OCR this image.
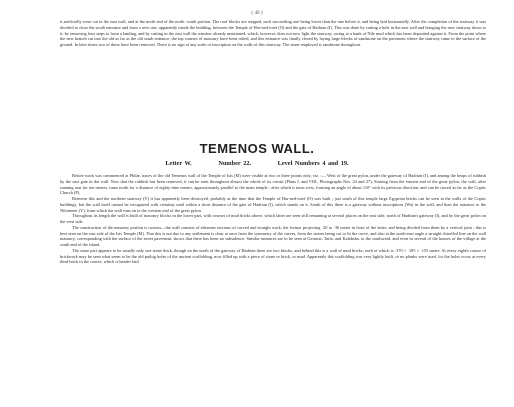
( 40 )

it artificially were cut in the east wall, and at the north end of the north -south portion. The roof blocks are stepped, each succeeding one being lower than the one before it, and being laid horizontally. After the completion of the stairway it was decided to close the south entrance and form a new one, apparently inside the building, between the Temple of Har-ned-iotef (O) and the gate of Hadrian (I). This was done by cutting a hole in the east wall and bringing the new stairway down to it, by removing four steps to form a landing, and by cutting in the east wall the window already mentioned, which, however, does not now light the stairway, owing to a bank of Nile mud which has been deposited against it. From the point where the new branch cut into the old as far as the old south entrance, the top courses of masonry have been robed, and this entrance was finally closed by laying large blocks of sandstone on the pavement where the stairway came to the surface of the ground. In later times two of these have been removed. There is no sign of any scale or inscription on the walls of this stairway. The stone employed is sandstone throughout.

TEMENOS WALL.
Letter W.	Number 22.	Level Numbers 4 and 19.

Before work was commenced at Philæ, traces of the old Temenos wall of the Temple of Isis (M) were visible at two or three points only, viz. :— West of the great pylon, under the gateway of Hadrian (I), and among the heaps of rubbish by the east gate in the wall. Now that the rubbish has been removed, it can be seen throughout almost the whole of its circuit (Plans I. and VIII., Photographs Nos. 24 and 27). Starting from the eastern end of the great pylon, the wall, after running east for ten metres, turns north for a distance of eighty-nine metres, approximately parallel to the main temple ; after which it turns west, forming an angle of about 110° with its previous direction, and can be traced as far as the Coptic Church (P).

Between this and the northern stairway (V) it has apparently been destroyed, probably at the time that the Temple of Har-ned-iotef (O) was built ; just south of this temple large Egyptian bricks can be seen in the walls of the Coptic buildings, but the wall itself cannot be recognized with certainty until within a short distance of the gate of Hadrian (I), which stands on it. South of this there is a gateway without inscriptions (Wa) in the wall, and then the entrance to the Nilometer (V), from which the wall runs on to the western end of the great pylon.

Throughout its length the wall is built of masonry blocks in the lower part, with courses of mud bricks above, which latter are seen still remaining at several places on the east side, north of Hadrian's gateway (I), and by the great pylon on the west side.

The construction of the masonry portion is curious—the wall consists of alternate sections of curved and straight work, the former projecting ·20 to ·30 metre in front of the latter, and being divided from them by a vertical joint ; this is best seen on the east side of the Isis Temple (M). That this is not due to any settlement is clear at once from the symmetry of the curves, from the stones being cut to fit the curve, and also at the north-east angle a straight chiselled line on the wall masonry, corresponding with the surface of the street pavement, shows that there has been no subsidence. Similar instances are to be seen at Gertassi, Taifa, and Kalabsha, to the southward, and even in several of the houses of the village at the south end of the island.

The stone part appears to be usually only one stone thick, though on the north of the gateway of Hadrian there are two blocks, and behind this is a wall of mud bricks, each of which is ·370 × ·185 × ·155 metre. At every eighth course of brickwork may be seen what seem to be the old putlog holes of the ancient scaffolding, now filled up with a piece of stone or brick, or mud. Apparently this scaffolding was very lightly built, or no planks were used, for the holes occur at every third brick in the course, which is header laid.
